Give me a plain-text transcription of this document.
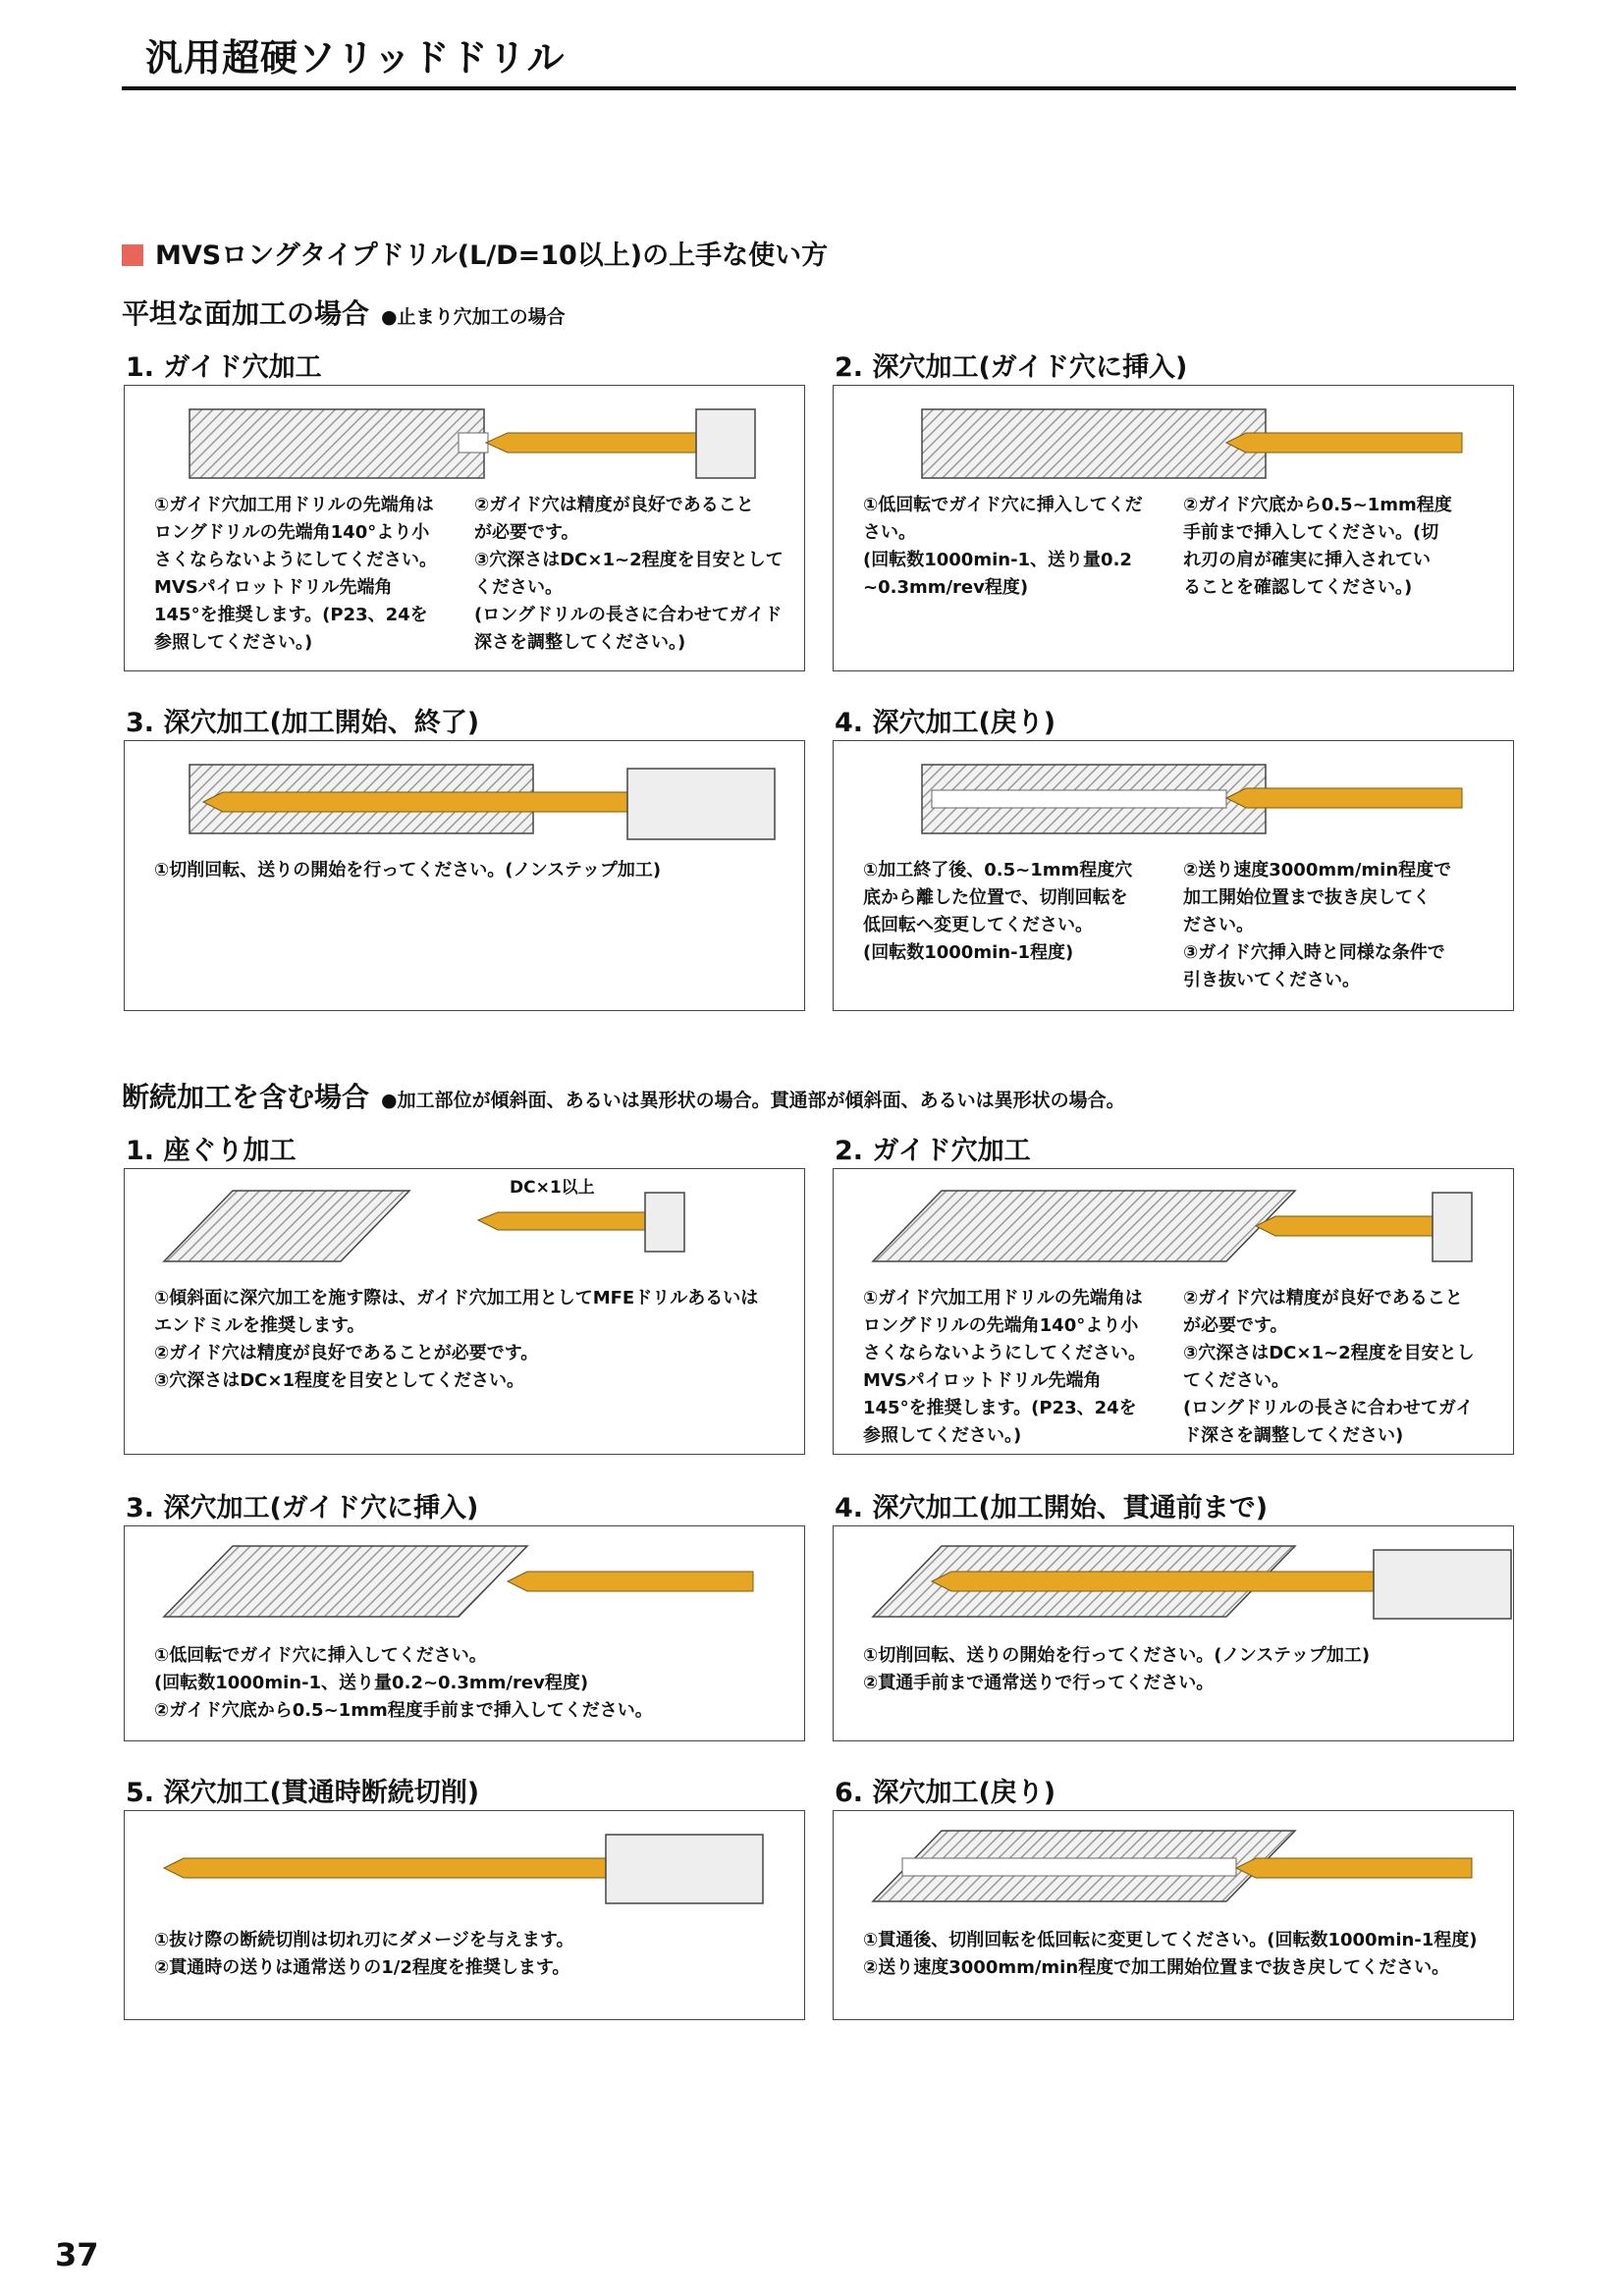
汎用超硬ソリッドドリル
MVSロングタイプドリル(L/D=10以上)の上手な使い方
平坦な面加工の場合 ●止まり穴加工の場合
1. ガイド穴加工	2. 深穴加工(ガイド穴に挿入)
①ガイド穴加工用ドリルの先端角は
ロングドリルの先端角140°より小
さくならないようにしてください。
MVSパイロットドリル先端角
145°を推奨します。(P23、24を
参照してください。)
②ガイド穴は精度が良好であること
が必要です。
③穴深さはDC×1~2程度を目安として
ください。
(ロングドリルの長さに合わせてガイド
深さを調整してください。)
①低回転でガイド穴に挿入してくだ
さい。
(回転数1000min-1、送り量0.2
~0.3mm/rev程度)
②ガイド穴底から0.5~1mm程度
手前まで挿入してください。(切
れ刃の肩が確実に挿入されてい
ることを確認してください。)
3. 深穴加工(加工開始、終了)	4. 深穴加工(戻り)
①切削回転、送りの開始を行ってください。(ノンステップ加工)	①加工終了後、0.5~1mm程度穴
底から離した位置で、切削回転を
低回転へ変更してください。
(回転数1000min-1程度)
②送り速度3000mm/min程度で
加工開始位置まで抜き戻してく
ださい。
③ガイド穴挿入時と同様な条件で
引き抜いてください。
断続加工を含む場合 ●加工部位が傾斜面、あるいは異形状の場合。貫通部が傾斜面、あるいは異形状の場合。
1. 座ぐり加工	2. ガイド穴加工
DC×1以上
①傾斜面に深穴加工を施す際は、ガイド穴加工用としてMFEドリルあるいは
エンドミルを推奨します。
②ガイド穴は精度が良好であることが必要です。
③穴深さはDC×1程度を目安としてください。
①ガイド穴加工用ドリルの先端角は
ロングドリルの先端角140°より小
さくならないようにしてください。
MVSパイロットドリル先端角
145°を推奨します。(P23、24を
参照してください。)
②ガイド穴は精度が良好であること
が必要です。
③穴深さはDC×1~2程度を目安とし
てください。
(ロングドリルの長さに合わせてガイ
ド深さを調整してください)
3. 深穴加工(ガイド穴に挿入)	4. 深穴加工(加工開始、貫通前まで)
①低回転でガイド穴に挿入してください。
(回転数1000min-1、送り量0.2~0.3mm/rev程度)
②ガイド穴底から0.5~1mm程度手前まで挿入してください。
①切削回転、送りの開始を行ってください。(ノンステップ加工)
②貫通手前まで通常送りで行ってください。
5. 深穴加工(貫通時断続切削)	6. 深穴加工(戻り)
①抜け際の断続切削は切れ刃にダメージを与えます。
②貫通時の送りは通常送りの1/2程度を推奨します。
①貫通後、切削回転を低回転に変更してください。(回転数1000min-1程度)
②送り速度3000mm/min程度で加工開始位置まで抜き戻してください。
37
